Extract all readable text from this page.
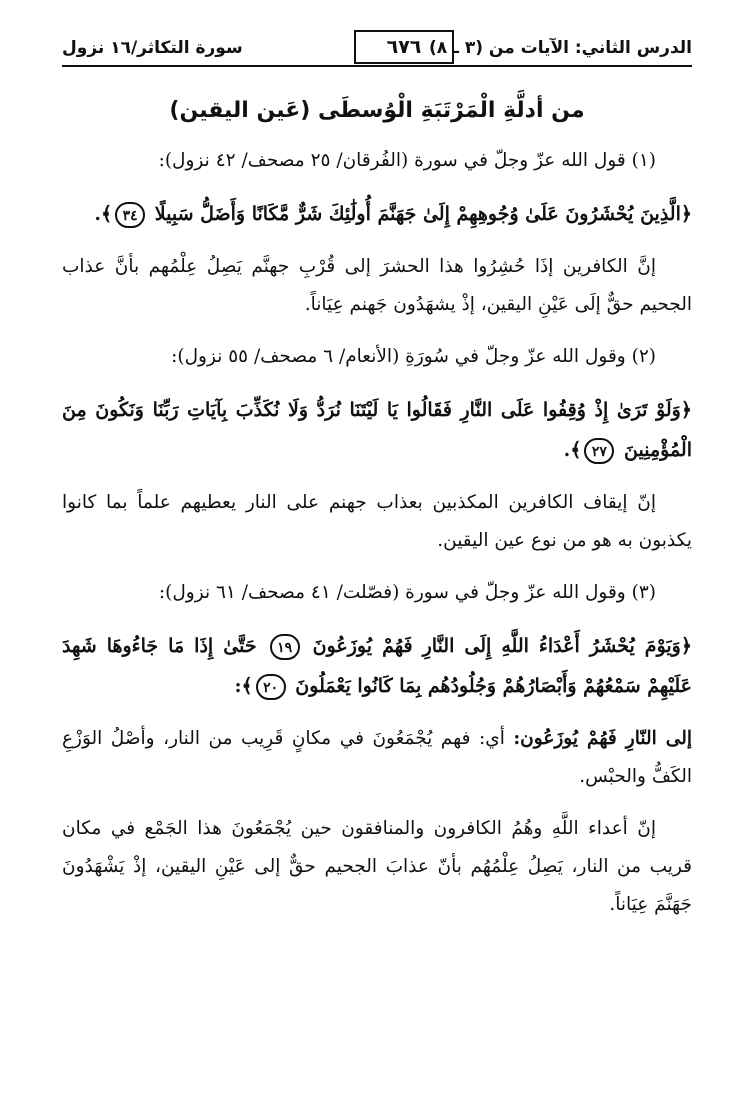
الدرس الثاني: الآيات من (٣ ـ ٨)
٦٧٦
سورة التكاثر/١٦ نزول
من أدلَّةِ الْمَرْتَبَةِ الْوُسطَى (عَين اليقين)

(١) قول الله عزّ وجلّ في سورة (الفُرقان/ ٢٥ مصحف/ ٤٢ نزول):

﴿الَّذِينَ يُحْشَرُونَ عَلَىٰ وُجُوهِهِمْ إِلَىٰ جَهَنَّمَ أُولَٰئِكَ شَرٌّ مَّكَانًا وَأَضَلُّ سَبِيلًا ٣٤﴾.

إنَّ الكافرين إذَا حُشِرُوا هذا الحشرَ إلى قُرْبِ جهنَّم يَصِلُ عِلْمُهم بأنَّ عذاب الجحيم حقٌّ إلَى عَيْنِ اليقين، إذْ يشهَدُون جَهنم عِيَاناً.

(٢) وقول الله عزّ وجلّ في سُورَةِ (الأنعام/ ٦ مصحف/ ٥٥ نزول):

﴿وَلَوْ تَرَىٰ إِذْ وُقِفُوا عَلَى النَّارِ فَقَالُوا يَا لَيْتَنَا نُرَدُّ وَلَا نُكَذِّبَ بِآيَاتِ رَبِّنَا وَنَكُونَ مِنَ الْمُؤْمِنِينَ ٢٧﴾.

إنّ إيقاف الكافرين المكذبين بعذاب جهنم على النار يعطيهم علماً بما كانوا يكذبون به هو من نوع عين اليقين.

(٣) وقول الله عزّ وجلّ في سورة (فصّلت/ ٤١ مصحف/ ٦١ نزول):

﴿وَيَوْمَ يُحْشَرُ أَعْدَاءُ اللَّهِ إِلَى النَّارِ فَهُمْ يُوزَعُونَ ١٩ حَتَّىٰ إِذَا مَا جَاءُوهَا شَهِدَ عَلَيْهِمْ سَمْعُهُمْ وَأَبْصَارُهُمْ وَجُلُودُهُم بِمَا كَانُوا يَعْمَلُونَ ٢٠﴾:

إلى النّارِ فَهُمْ يُوزَعُون: أي: فهم يُجْمَعُونَ في مكانٍ قَرِيب من النار، وأصْلُ الوَزْعِ الكَفُّ والحبْس.

إنّ أعداء اللَّهِ وهُمُ الكافرون والمنافقون حين يُجْمَعُونَ هذا الجَمْع في مكان قريب من النار، يَصِلُ عِلْمُهُم بأنّ عذابَ الجحيم حقٌّ إلى عَيْنِ اليقين، إذْ يَشْهَدُونَ جَهَنَّمَ عِيَاناً.
